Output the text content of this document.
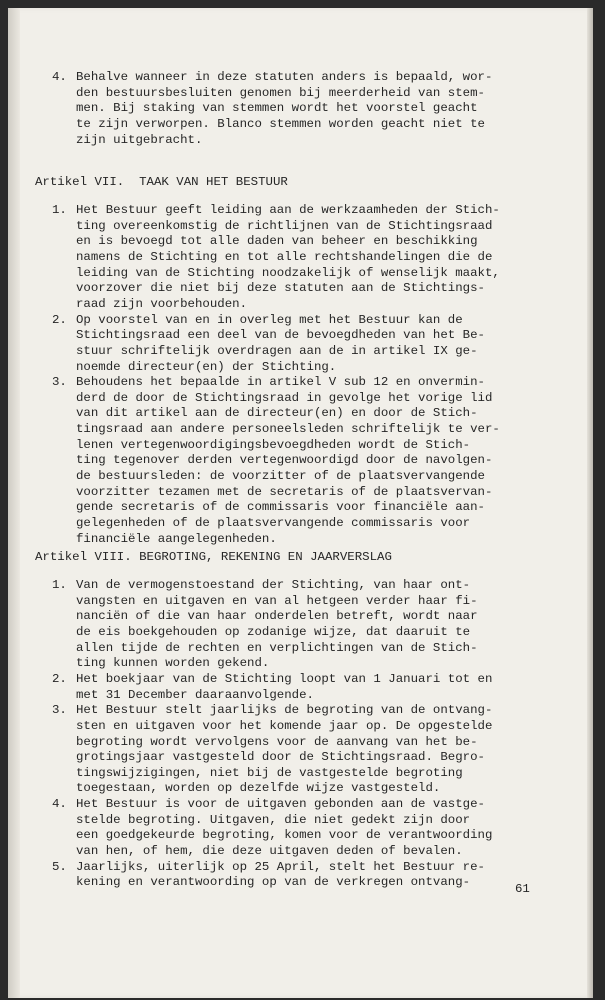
4. Behalve wanneer in deze statuten anders is bepaald, wor-
den bestuursbesluiten genomen bij meerderheid van stem-
men. Bij staking van stemmen wordt het voorstel geacht
te zijn verworpen. Blanco stemmen worden geacht niet te
zijn uitgebracht.
Artikel VII.  TAAK VAN HET BESTUUR
1. Het Bestuur geeft leiding aan de werkzaamheden der Stich-
ting overeenkomstig de richtlijnen van de Stichtingsraad
en is bevoegd tot alle daden van beheer en beschikking
namens de Stichting en tot alle rechtshandelingen die de
leiding van de Stichting noodzakelijk of wenselijk maakt,
voorzover die niet bij deze statuten aan de Stichtings-
raad zijn voorbehouden.
2. Op voorstel van en in overleg met het Bestuur kan de
Stichtingsraad een deel van de bevoegdheden van het Be-
stuur schriftelijk overdragen aan de in artikel IX ge-
noemde directeur(en) der Stichting.
3. Behoudens het bepaalde in artikel V sub 12 en onvermin-
derd de door de Stichtingsraad in gevolge het vorige lid
van dit artikel aan de directeur(en) en door de Stich-
tingsraad aan andere personeelsleden schriftelijk te ver-
lenen vertegenwoordigingsbevoegdheden wordt de Stich-
ting tegenover derden vertegenwoordigd door de navolgen-
de bestuursleden: de voorzitter of de plaatsvervangende
voorzitter tezamen met de secretaris of de plaatsvervan-
gende secretaris of de commissaris voor financiële aan-
gelegenheden of de plaatsvervangende commissaris voor
financiële aangelegenheden.
Artikel VIII. BEGROTING, REKENING EN JAARVERSLAG
1. Van de vermogenstoestand der Stichting, van haar ont-
vangsten en uitgaven en van al hetgeen verder haar fi-
nanciën of die van haar onderdelen betreft, wordt naar
de eis boekgehouden op zodanige wijze, dat daaruit te
allen tijde de rechten en verplichtingen van de Stich-
ting kunnen worden gekend.
2. Het boekjaar van de Stichting loopt van 1 Januari tot en
met 31 December daaraanvolgende.
3. Het Bestuur stelt jaarlijks de begroting van de ontvang-
sten en uitgaven voor het komende jaar op. De opgestelde
begroting wordt vervolgens voor de aanvang van het be-
grotingsjaar vastgesteld door de Stichtingsraad. Begro-
tingswijzigingen, niet bij de vastgestelde begroting
toegestaan, worden op dezelfde wijze vastgesteld.
4. Het Bestuur is voor de uitgaven gebonden aan de vastge-
stelde begroting. Uitgaven, die niet gedekt zijn door
een goedgekeurde begroting, komen voor de verantwoording
van hen, of hem, die deze uitgaven deden of bevalen.
5. Jaarlijks, uiterlijk op 25 April, stelt het Bestuur re-
kening en verantwoording op van de verkregen ontvang-	61
